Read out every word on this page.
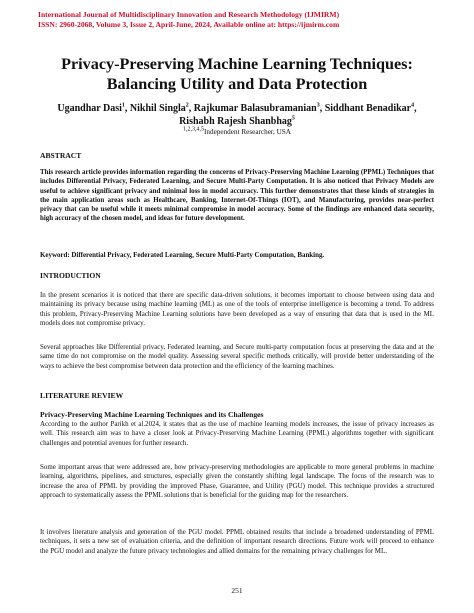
International Journal of Multidisciplinary Innovation and Research Methodology (IJMIRM)
ISSN: 2960-2068, Volume 3, Issue 2, April-June, 2024, Available online at: https://ijmirm.com
Privacy-Preserving Machine Learning Techniques:
Balancing Utility and Data Protection
Ugandhar Dasi$^1$, Nikhil Singla$^2$, Rajkumar Balasubramanian$^3$, Siddhant Benadikar$^4$,
Rishabh Rajesh Shanbhag$^5$
$^{1,2,3,4,5}$Independent Researcher, USA
ABSTRACT
This research article provides information regarding the concerns of Privacy-Preserving Machine Learning (PPML) Techniques that includes Differential Privacy, Federated Learning, and Secure Multi-Party Computation. It is also noticed that Privacy Models are useful to achieve significant privacy and minimal loss in model accuracy. This further demonstrates that these kinds of strategies in the main application areas such as Healthcare, Banking, Internet-Of-Things (IOT), and Manufacturing, provides near-perfect privacy that can be useful while it meets minimal compromise in model accuracy. Some of the findings are enhanced data security, high accuracy of the chosen model, and ideas for future development.
Keyword: Differential Privacy, Federated Learning, Secure Multi-Party Computation, Banking.
INTRODUCTION
In the present scenarios it is noticed that there are specific data-driven solutions, it becomes important to choose between using data and maintaining its privacy because using machine learning (ML) as one of the tools of enterprise intelligence is becoming a trend. To address this problem, Privacy-Preserving Machine Learning solutions have been developed as a way of ensuring that data that is used in the ML models does not compromise privacy.
Several approaches like Differential privacy, Federated learning, and Secure multi-party computation focus at preserving the data and at the same time do not compromise on the model quality. Assessing several specific methods critically, will provide better understanding of the ways to achieve the best compromise between data protection and the efficiency of the learning machines.
LITERATURE REVIEW
Privacy-Preserving Machine Learning Techniques and its Challenges
According to the author Parikh et al.2024, it states that as the use of machine learning models increases, the issue of privacy increases as well. This research aim was to have a closer look at Privacy-Preserving Machine Learning (PPML) algorithms together with significant challenges and potential avenues for further research.
Some important areas that were addressed are, how privacy-preserving methodologies are applicable to more general problems in machine learning, algorithms, pipelines, and structures, especially given the constantly shifting legal landscape. The focus of the research was to increase the area of PPML by providing the improved Phase, Guarantee, and Utility (PGU) model. This technique provides a structured approach to systematically assess the PPML solutions that is beneficial for the guiding map for the researchers.
It involves literature analysis and generation of the PGU model. PPML obtained results that include a broadened understanding of PPML techniques, it sets a new set of evaluation criteria, and the definition of important research directions. Future work will proceed to enhance the PGU model and analyze the future privacy technologies and allied domains for the remaining privacy challenges for ML.
251
